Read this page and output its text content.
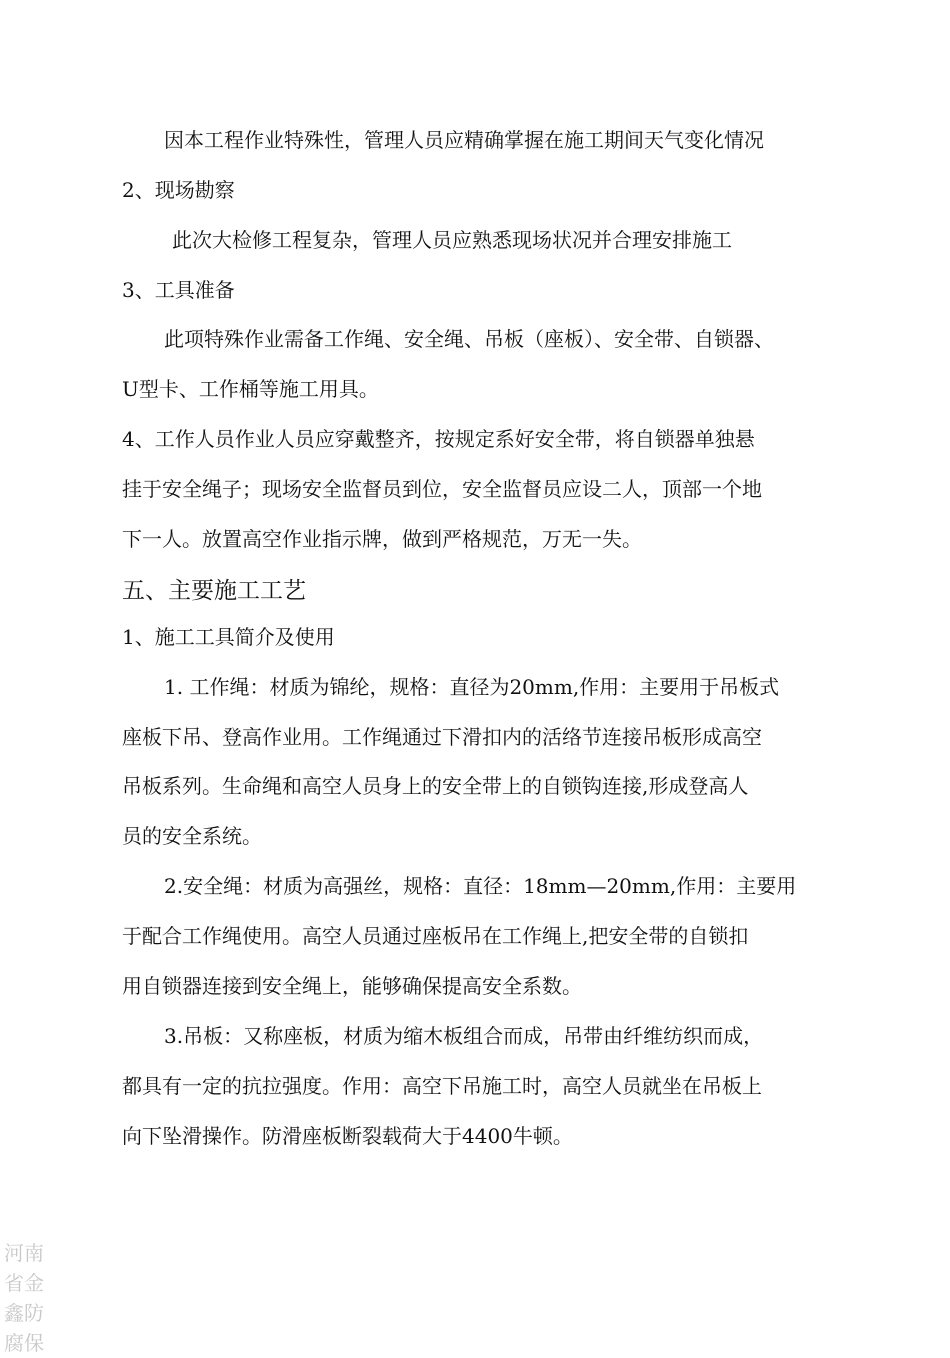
因本工程作业特殊性，管理人员应精确掌握在施工期间天气变化情况
2、现场勘察
此次大检修工程复杂，管理人员应熟悉现场状况并合理安排施工
3、工具准备
此项特殊作业需备工作绳、安全绳、吊板（座板）、安全带、自锁器、
U型卡、工作桶等施工用具。
4、工作人员作业人员应穿戴整齐，按规定系好安全带，将自锁器单独悬
挂于安全绳子；现场安全监督员到位，安全监督员应设二人，顶部一个地
下一人。放置高空作业指示牌，做到严格规范，万无一失。
五、主要施工工艺
1、施工工具简介及使用
1. 工作绳：材质为锦纶，规格：直径为20mm,作用：主要用于吊板式
座板下吊、登高作业用。工作绳通过下滑扣内的活络节连接吊板形成高空
吊板系列。生命绳和高空人员身上的安全带上的自锁钩连接,形成登高人
员的安全系统。
2.安全绳：材质为高强丝，规格：直径：18mm—20mm,作用：主要用
于配合工作绳使用。高空人员通过座板吊在工作绳上,把安全带的自锁扣
用自锁器连接到安全绳上，能够确保提高安全系数。
3.吊板：又称座板，材质为缩木板组合而成，吊带由纤维纺织而成，
都具有一定的抗拉强度。作用：高空下吊施工时，高空人员就坐在吊板上
向下坠滑操作。防滑座板断裂载荷大于4400牛顿。
河南
省金
鑫防
腐保
